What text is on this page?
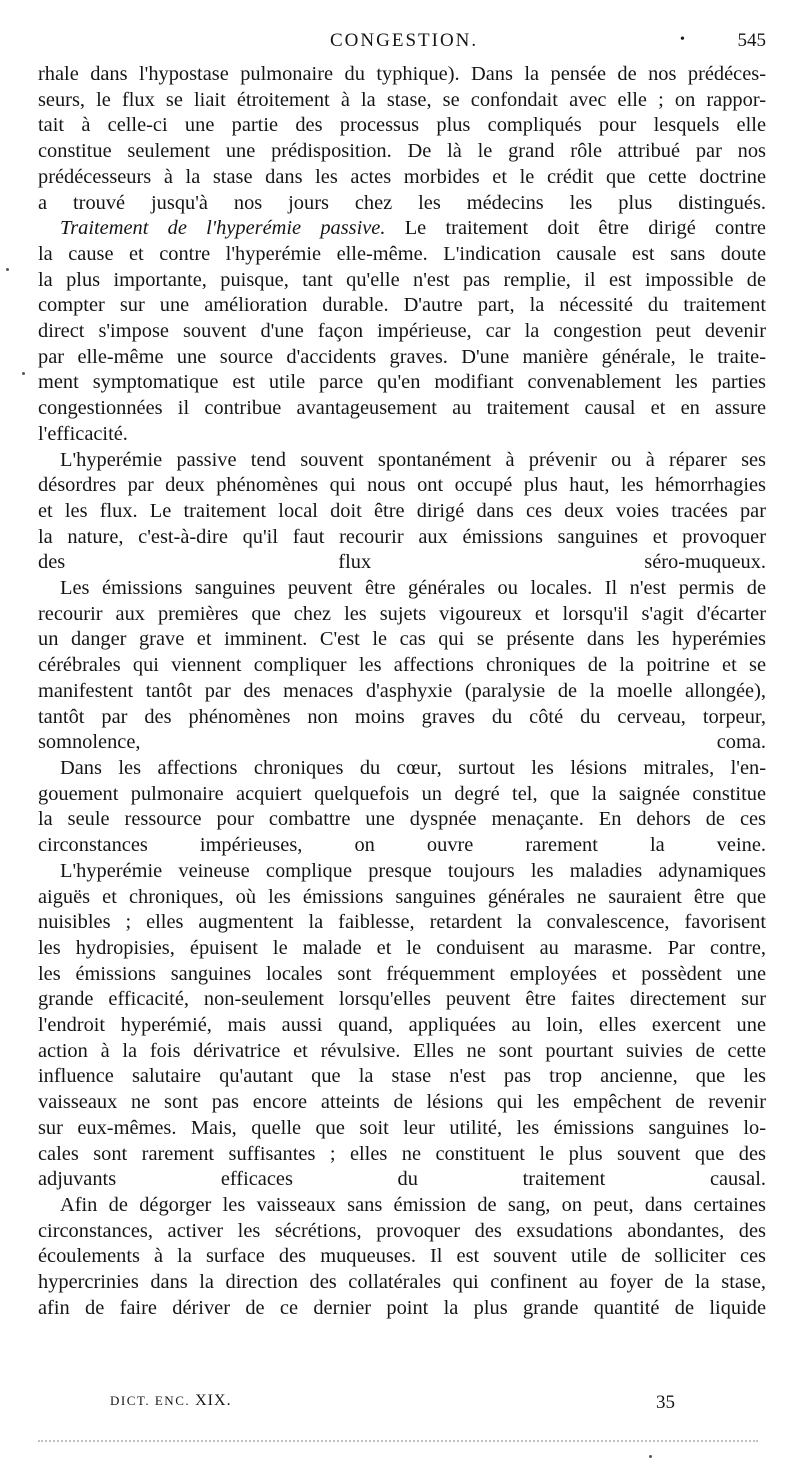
CONGESTION.	•	545
rhale dans l'hypostase pulmonaire du typhique). Dans la pensée de nos prédéces-
seurs, le flux se liait étroitement à la stase, se confondait avec elle ; on rappor-
tait à celle-ci une partie des processus plus compliqués pour lesquels elle
constitue seulement une prédisposition. De là le grand rôle attribué par nos
prédécesseurs à la stase dans les actes morbides et le crédit que cette doctrine
a trouvé jusqu'à nos jours chez les médecins les plus distingués.
Traitement de l'hyperémie passive. Le traitement doit être dirigé contre
la cause et contre l'hyperémie elle-même. L'indication causale est sans doute
la plus importante, puisque, tant qu'elle n'est pas remplie, il est impossible de
compter sur une amélioration durable. D'autre part, la nécessité du traitement
direct s'impose souvent d'une façon impérieuse, car la congestion peut devenir
par elle-même une source d'accidents graves. D'une manière générale, le traite-
ment symptomatique est utile parce qu'en modifiant convenablement les parties
congestionnées il contribue avantageusement au traitement causal et en assure
l'efficacité.
L'hyperémie passive tend souvent spontanément à prévenir ou à réparer ses
désordres par deux phénomènes qui nous ont occupé plus haut, les hémorrhagies
et les flux. Le traitement local doit être dirigé dans ces deux voies tracées par
la nature, c'est-à-dire qu'il faut recourir aux émissions sanguines et provoquer
des flux séro-muqueux.
Les émissions sanguines peuvent être générales ou locales. Il n'est permis de
recourir aux premières que chez les sujets vigoureux et lorsqu'il s'agit d'écarter
un danger grave et imminent. C'est le cas qui se présente dans les hyperémies
cérébrales qui viennent compliquer les affections chroniques de la poitrine et se
manifestent tantôt par des menaces d'asphyxie (paralysie de la moelle allongée),
tantôt par des phénomènes non moins graves du côté du cerveau, torpeur,
somnolence, coma.
Dans les affections chroniques du cœur, surtout les lésions mitrales, l'en-
gouement pulmonaire acquiert quelquefois un degré tel, que la saignée constitue
la seule ressource pour combattre une dyspnée menaçante. En dehors de ces
circonstances impérieuses, on ouvre rarement la veine.
L'hyperémie veineuse complique presque toujours les maladies adynamiques
aiguës et chroniques, où les émissions sanguines générales ne sauraient être que
nuisibles ; elles augmentent la faiblesse, retardent la convalescence, favorisent
les hydropisies, épuisent le malade et le conduisent au marasme. Par contre,
les émissions sanguines locales sont fréquemment employées et possèdent une
grande efficacité, non-seulement lorsqu'elles peuvent être faites directement sur
l'endroit hyperémié, mais aussi quand, appliquées au loin, elles exercent une
action à la fois dérivatrice et révulsive. Elles ne sont pourtant suivies de cette
influence salutaire qu'autant que la stase n'est pas trop ancienne, que les
vaisseaux ne sont pas encore atteints de lésions qui les empêchent de revenir
sur eux-mêmes. Mais, quelle que soit leur utilité, les émissions sanguines lo-
cales sont rarement suffisantes ; elles ne constituent le plus souvent que des
adjuvants efficaces du traitement causal.
Afin de dégorger les vaisseaux sans émission de sang, on peut, dans certaines
circonstances, activer les sécrétions, provoquer des exsudations abondantes, des
écoulements à la surface des muqueuses. Il est souvent utile de solliciter ces
hypercrinies dans la direction des collatérales qui confinent au foyer de la stase,
afin de faire dériver de ce dernier point la plus grande quantité de liquide
DICT. ENC. XIX.	35
